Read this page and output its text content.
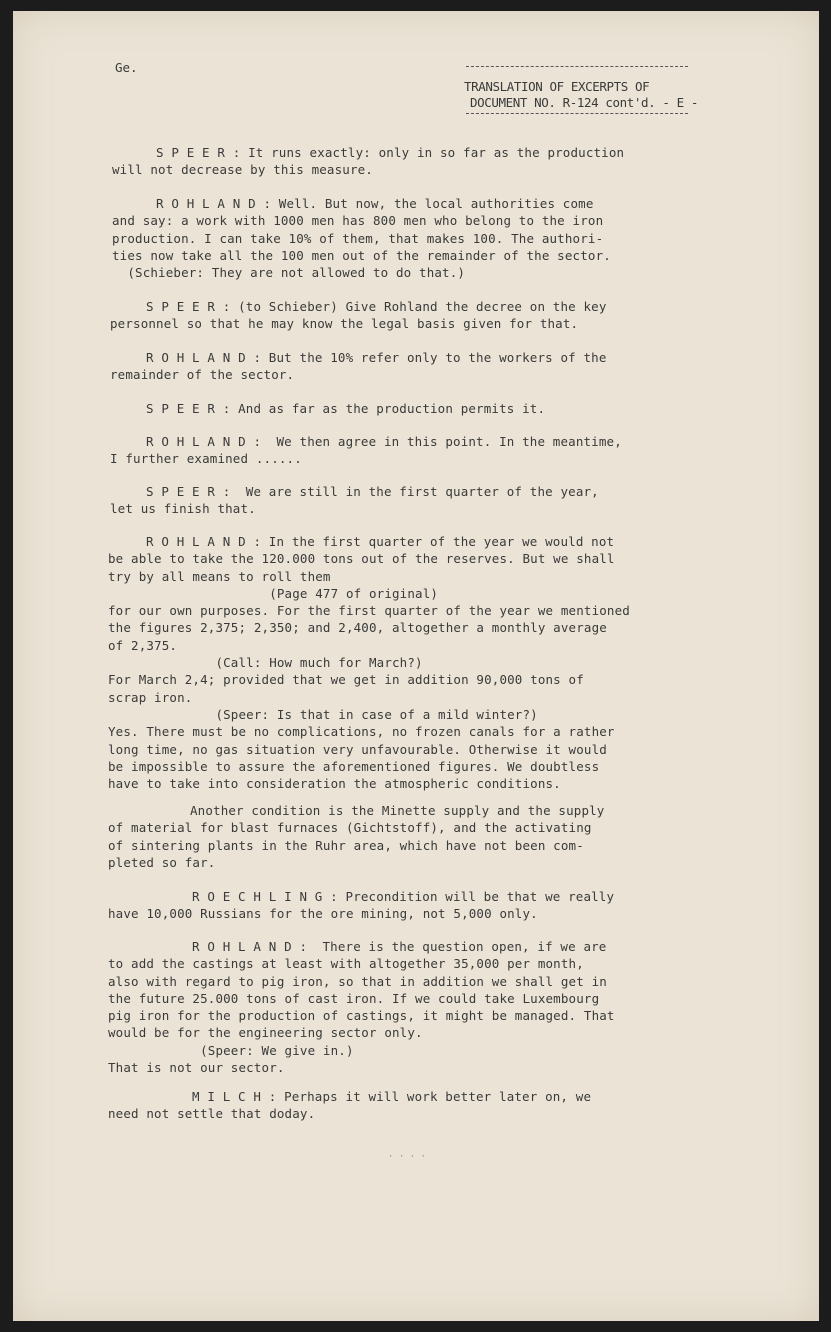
Ge.

TRANSLATION OF EXCERPTS OF

DOCUMENT NO. R-124 cont'd. - E -

S P E E R : It runs exactly: only in so far as the production
will not decrease by this measure.

R O H L A N D : Well. But now, the local authorities come
and say: a work with 1000 men has 800 men who belong to the iron
production. I can take 10% of them, that makes 100. The authori-
ties now take all the 100 men out of the remainder of the sector.
(Schieber: They are not allowed to do that.)

S P E E R : (to Schieber) Give Rohland the decree on the key
personnel so that he may know the legal basis given for that.

R O H L A N D : But the 10% refer only to the workers of the
remainder of the sector.

S P E E R : And as far as the production permits it.

R O H L A N D :  We then agree in this point. In the meantime,
I further examined ......

S P E E R :  We are still in the first quarter of the year,
let us finish that.

R O H L A N D : In the first quarter of the year we would not
be able to take the 120.000 tons out of the reserves. But we shall
try by all means to roll them
(Page 477 of original)
for our own purposes. For the first quarter of the year we mentioned
the figures 2,375; 2,350; and 2,400, altogether a monthly average
of 2,375.
(Call: How much for March?)
For March 2,4; provided that we get in addition 90,000 tons of
scrap iron.
(Speer: Is that in case of a mild winter?)
Yes. There must be no complications, no frozen canals for a rather
long time, no gas situation very unfavourable. Otherwise it would
be impossible to assure the aforementioned figures. We doubtless
have to take into consideration the atmospheric conditions.

Another condition is the Minette supply and the supply
of material for blast furnaces (Gichtstoff), and the activating
of sintering plants in the Ruhr area, which have not been com-
pleted so far.

R O E C H L I N G : Precondition will be that we really
have 10,000 Russians for the ore mining, not 5,000 only.

R O H L A N D :  There is the question open, if we are
to add the castings at least with altogether 35,000 per month,
also with regard to pig iron, so that in addition we shall get in
the future 25.000 tons of cast iron. If we could take Luxembourg
pig iron for the production of castings, it might be managed. That
would be for the engineering sector only.
(Speer: We give in.)
That is not our sector.

M I L C H : Perhaps it will work better later on, we
need not settle that doday.

· · · ·
